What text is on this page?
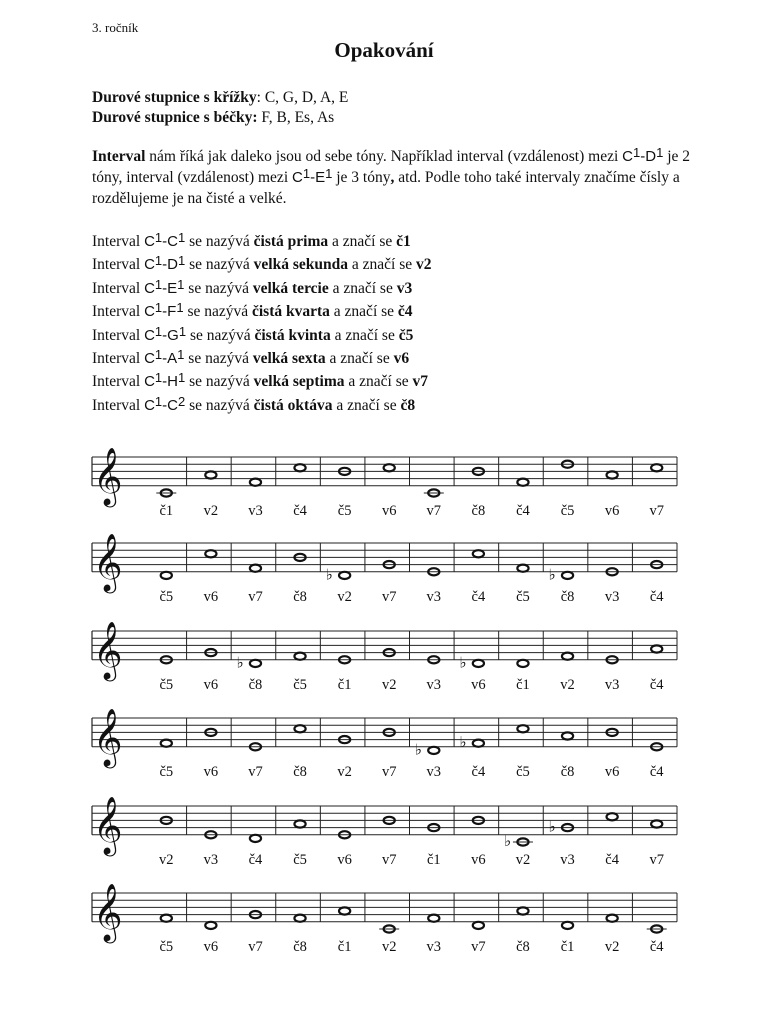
3. ročník
Opakování
Durové stupnice s křížky: C, G, D, A, E
Durové stupnice s béčky: F, B, Es, As
Interval nám říká jak daleko jsou od sebe tóny. Například interval (vzdálenost) mezi $C^1-D^1$ je 2 tóny, interval (vzdálenost) mezi $C^1-E^1$ je 3 tóny, atd. Podle toho také intervaly značíme čísly a rozdělujeme je na čisté a velké.
Interval $C^1-C^1$ se nazývá čistá prima a značí se č1
Interval $C^1-D^1$ se nazývá velká sekunda a značí se v2
Interval $C^1-E^1$ se nazývá velká tercie a značí se v3
Interval $C^1-F^1$ se nazývá čistá kvarta a značí se č4
Interval $C^1-G^1$ se nazývá čistá kvinta a značí se č5
Interval $C^1-A^1$ se nazývá velká sexta a značí se v6
Interval $C^1-H^1$ se nazývá velká septima a značí se v7
Interval $C^1-C^2$ se nazývá čistá oktáva a značí se č8
𝄞
č1 v2 v3 č4 č5 v6 v7 č8 č4 č5 v6 v7
𝄞
č5 v6 v7 č8
♭
v2 v7 v3 č4 č5
♭
č8 v3 č4
𝄞
č5 v6
♭
č8 č5 č1 v2 v3
♭
v6 č1 v2 v3 č4
𝄞
č5 v6 v7 č8 v2 v7
♭
v3
♭
č4 č5 č8 v6 č4
𝄞
v2 v3 č4 č5 v6 v7 č1 v6
♭
v2
♭
v3 č4 v7
𝄞
č5 v6 v7 č8 č1 v2 v3 v7 č8 č1 v2 č4
